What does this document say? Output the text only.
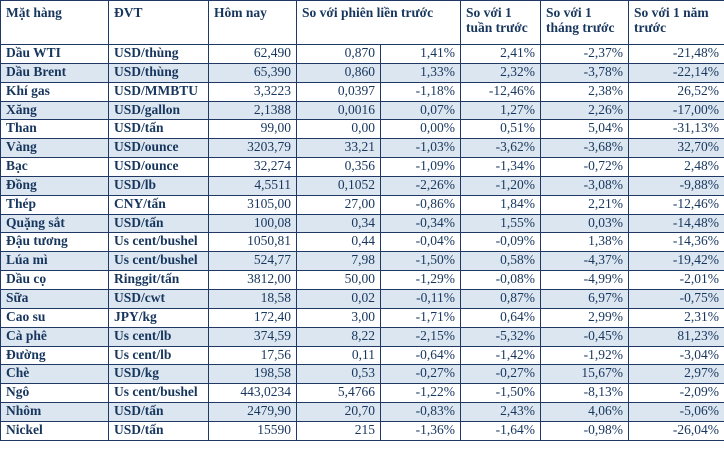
Mặt hàng	ĐVT	Hôm nay	So với phiên liền trước		So với 1 tuần trước	So với 1 tháng trước	So với 1 năm trước
Dầu WTI	USD/thùng	62,490	0,870	1,41%	2,41%	-2,37%	-21,48%
Dầu Brent	USD/thùng	65,390	0,860	1,33%	2,32%	-3,78%	-22,14%
Khí gas	USD/MMBTU	3,3223	0,0397	-1,18%	-12,46%	2,38%	26,52%
Xăng	USD/gallon	2,1388	0,0016	0,07%	1,27%	2,26%	-17,00%
Than	USD/tấn	99,00	0,00	0,00%	0,51%	5,04%	-31,13%
Vàng	USD/ounce	3203,79	33,21	-1,03%	-3,62%	-3,68%	32,70%
Bạc	USD/ounce	32,274	0,356	-1,09%	-1,34%	-0,72%	2,48%
Đồng	USD/lb	4,5511	0,1052	-2,26%	-1,20%	-3,08%	-9,88%
Thép	CNY/tấn	3105,00	27,00	-0,86%	1,84%	2,21%	-12,46%
Quặng sắt	USD/tấn	100,08	0,34	-0,34%	1,55%	0,03%	-14,48%
Đậu tương	Us cent/bushel	1050,81	0,44	-0,04%	-0,09%	1,38%	-14,36%
Lúa mì	Us cent/bushel	524,77	7,98	-1,50%	0,58%	-4,37%	-19,42%
Dầu cọ	Ringgit/tấn	3812,00	50,00	-1,29%	-0,08%	-4,99%	-2,01%
Sữa	USD/cwt	18,58	0,02	-0,11%	0,87%	6,97%	-0,75%
Cao su	JPY/kg	172,40	3,00	-1,71%	0,64%	2,99%	2,31%
Cà phê	Us cent/lb	374,59	8,22	-2,15%	-5,32%	-0,45%	81,23%
Đường	Us cent/lb	17,56	0,11	-0,64%	-1,42%	-1,92%	-3,04%
Chè	USD/kg	198,58	0,53	-0,27%	-0,27%	15,67%	2,97%
Ngô	Us cent/bushel	443,0234	5,4766	-1,22%	-1,50%	-8,13%	-2,09%
Nhôm	USD/tấn	2479,90	20,70	-0,83%	2,43%	4,06%	-5,06%
Nickel	USD/tấn	15590	215	-1,36%	-1,64%	-0,98%	-26,04%
